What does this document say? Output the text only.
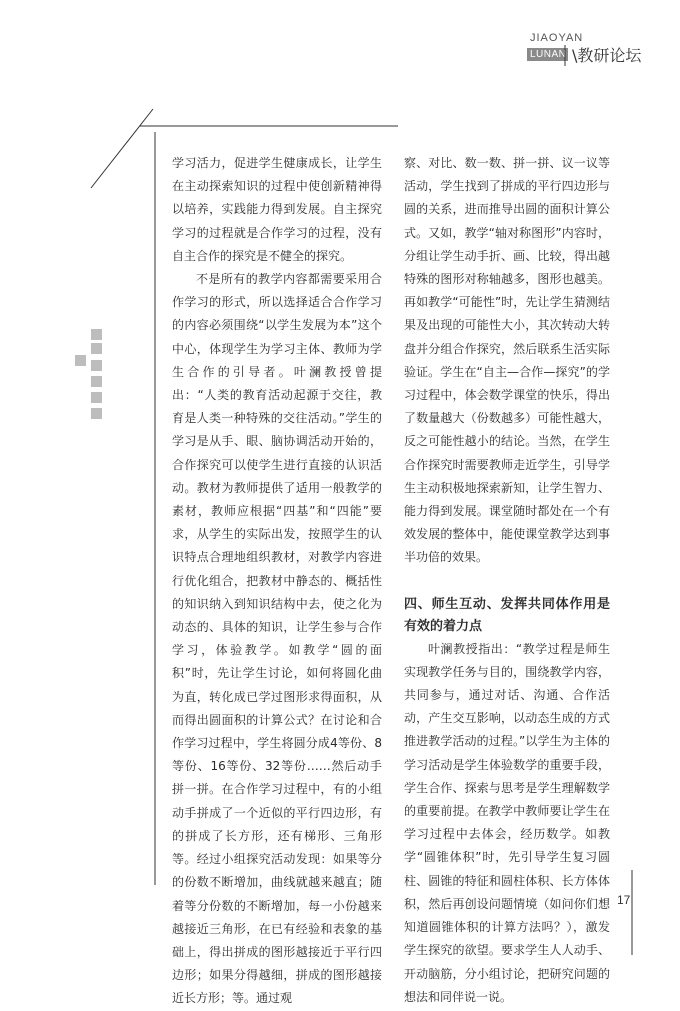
JIAOYAN
LUNAN \教研论坛

学习活力，促进学生健康成长，让学生在主动探索知识的过程中使创新精神得以培养，实践能力得到发展。自主探究学习的过程就是合作学习的过程，没有自主合作的探究是不健全的探究。

不是所有的教学内容都需要采用合作学习的形式，所以选择适合合作学习的内容必须围绕“以学生发展为本”这个中心，体现学生为学习主体、教师为学生合作的引导者。叶澜教授曾提出：“人类的教育活动起源于交往，教育是人类一种特殊的交往活动。”学生的学习是从手、眼、脑协调活动开始的，合作探究可以使学生进行直接的认识活动。教材为教师提供了适用一般教学的素材，教师应根据“四基”和“四能”要求，从学生的实际出发，按照学生的认识特点合理地组织教材，对教学内容进行优化组合，把教材中静态的、概括性的知识纳入到知识结构中去，使之化为动态的、具体的知识，让学生参与合作学习，体验教学。如教学“圆的面积”时，先让学生讨论，如何将圆化曲为直，转化成已学过图形求得面积，从而得出圆面积的计算公式？在讨论和合作学习过程中，学生将圆分成4等份、8等份、16等份、32等份……然后动手拼一拼。在合作学习过程中，有的小组动手拼成了一个近似的平行四边形，有的拼成了长方形，还有梯形、三角形等。经过小组探究活动发现：如果等分的份数不断增加，曲线就越来越直；随着等分份数的不断增加，每一小份越来越接近三角形，在已有经验和表象的基础上，得出拼成的图形越接近于平行四边形；如果分得越细，拼成的图形越接近长方形；等。通过观

察、对比、数一数、拼一拼、议一议等活动，学生找到了拼成的平行四边形与圆的关系，进而推导出圆的面积计算公式。又如，教学“轴对称图形”内容时，分组让学生动手折、画、比较，得出越特殊的图形对称轴越多，图形也越美。再如教学“可能性”时，先让学生猜测结果及出现的可能性大小，其次转动大转盘并分组合作探究，然后联系生活实际验证。学生在“自主—合作—探究”的学习过程中，体会数学课堂的快乐，得出了数量越大（份数越多）可能性越大，反之可能性越小的结论。当然，在学生合作探究时需要教师走近学生，引导学生主动积极地探索新知，让学生智力、能力得到发展。课堂随时都处在一个有效发展的整体中，能使课堂教学达到事半功倍的效果。

四、师生互动、发挥共同体作用是有效的着力点

叶澜教授指出：“教学过程是师生实现教学任务与目的，围绕教学内容，共同参与，通过对话、沟通、合作活动，产生交互影响，以动态生成的方式推进教学活动的过程。”以学生为主体的学习活动是学生体验数学的重要手段，学生合作、探索与思考是学生理解数学的重要前提。在教学中教师要让学生在学习过程中去体会，经历数学。如教学“圆锥体积”时，先引导学生复习圆柱、圆锥的特征和圆柱体积、长方体体积，然后再创设问题情境（如问你们想知道圆锥体积的计算方法吗？），激发学生探究的欲望。要求学生人人动手、开动脑筋，分小组讨论，把研究问题的想法和同伴说一说。

17
